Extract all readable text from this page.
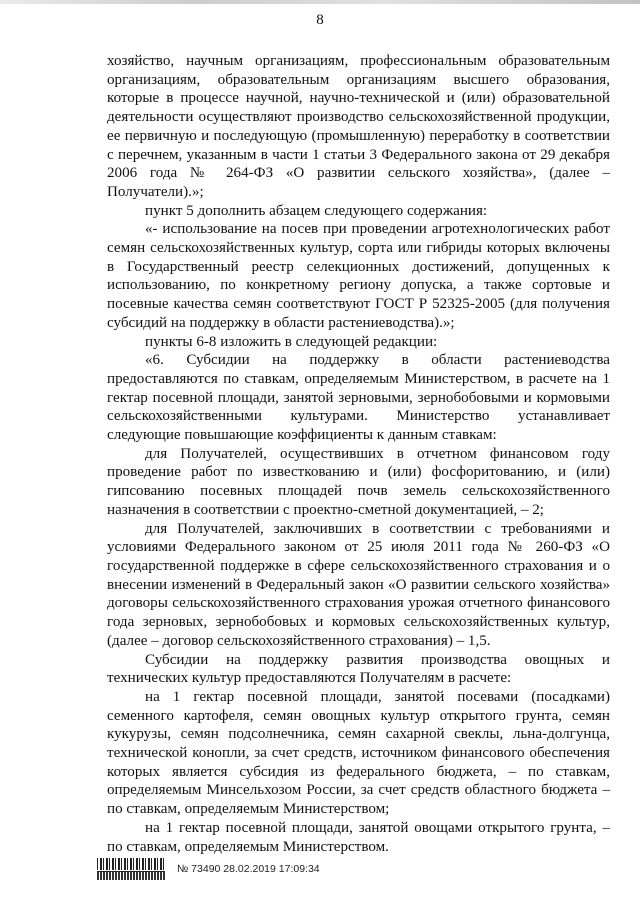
8

хозяйство, научным организациям, профессиональным образовательным организациям, образовательным организациям высшего образования, которые в процессе научной, научно-технической и (или) образовательной деятельности осуществляют производство сельскохозяйственной продукции, ее первичную и последующую (промышленную) переработку в соответствии с перечнем, указанным в части 1 статьи 3 Федерального закона от 29 декабря 2006 года № 264-ФЗ «О развитии сельского хозяйства», (далее – Получатели).»;

пункт 5 дополнить абзацем следующего содержания:

«- использование на посев при проведении агротехнологических работ семян сельскохозяйственных культур, сорта или гибриды которых включены в Государственный реестр селекционных достижений, допущенных к использованию, по конкретному региону допуска, а также сортовые и посевные качества семян соответствуют ГОСТ Р 52325-2005 (для получения субсидий на поддержку в области растениеводства).»;

пункты 6-8 изложить в следующей редакции:

«6. Субсидии на поддержку в области растениеводства предоставляются по ставкам, определяемым Министерством, в расчете на 1 гектар посевной площади, занятой зерновыми, зернобобовыми и кормовыми сельскохозяйственными культурами. Министерство устанавливает следующие повышающие коэффициенты к данным ставкам:

для Получателей, осуществивших в отчетном финансовом году проведение работ по известкованию и (или) фосфоритованию, и (или) гипсованию посевных площадей почв земель сельскохозяйственного назначения в соответствии с проектно-сметной документацией, – 2;

для Получателей, заключивших в соответствии с требованиями и условиями Федерального законом от 25 июля 2011 года № 260-ФЗ «О государственной поддержке в сфере сельскохозяйственного страхования и о внесении изменений в Федеральный закон «О развитии сельского хозяйства» договоры сельскохозяйственного страхования урожая отчетного финансового года зерновых, зернобобовых и кормовых сельскохозяйственных культур, (далее – договор сельскохозяйственного страхования) – 1,5.

Субсидии на поддержку развития производства овощных и технических культур предоставляются Получателям в расчете:

на 1 гектар посевной площади, занятой посевами (посадками) семенного картофеля, семян овощных культур открытого грунта, семян кукурузы, семян подсолнечника, семян сахарной свеклы, льна-долгунца, технической конопли, за счет средств, источником финансового обеспечения которых является субсидия из федерального бюджета, – по ставкам, определяемым Минсельхозом России, за счет средств областного бюджета – по ставкам, определяемым Министерством;

на 1 гектар посевной площади, занятой овощами открытого грунта, – по ставкам, определяемым Министерством.

№ 73490 28.02.2019 17:09:34
